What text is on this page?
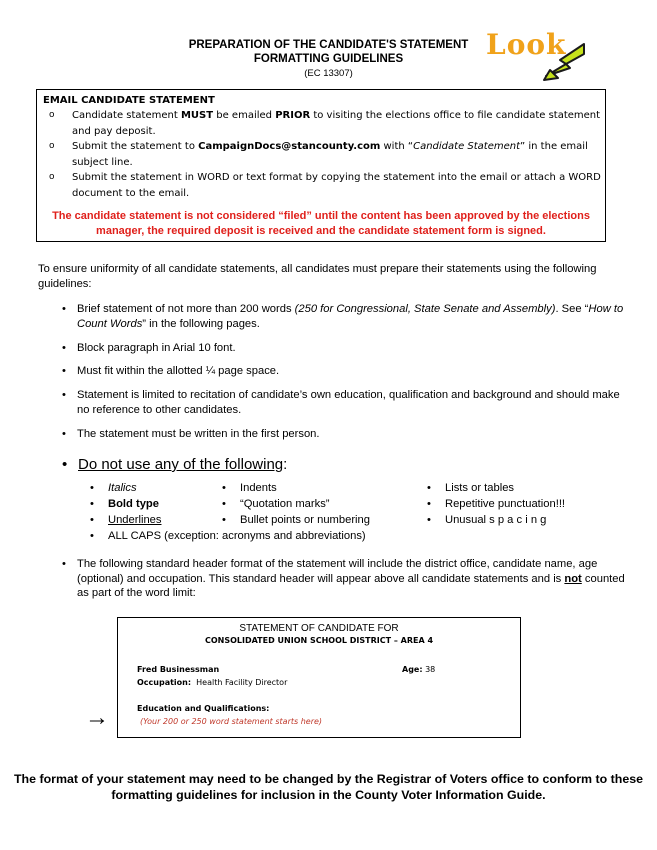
PREPARATION OF THE CANDIDATE'S STATEMENT
FORMATTING GUIDELINES
(EC 13307)
Look
EMAIL CANDIDATE STATEMENT
o Candidate statement MUST be emailed PRIOR to visiting the elections office to file candidate statement and pay deposit.
o Submit the statement to CampaignDocs@stancounty.com with “Candidate Statement” in the email subject line.
o Submit the statement in WORD or text format by copying the statement into the email or attach a WORD document to the email.
The candidate statement is not considered “filed” until the content has been approved by the elections manager, the required deposit is received and the candidate statement form is signed.
To ensure uniformity of all candidate statements, all candidates must prepare their statements using the following guidelines:
• Brief statement of not more than 200 words (250 for Congressional, State Senate and Assembly). See “How to Count Words” in the following pages.
• Block paragraph in Arial 10 font.
• Must fit within the allotted ¼ page space.
• Statement is limited to recitation of candidate’s own education, qualification and background and should make no reference to other candidates.
• The statement must be written in the first person.
• Do not use any of the following:
• Italics
• Bold type
• Underlines
• Indents
• “Quotation marks”
• Bullet points or numbering
• Lists or tables
• Repetitive punctuation!!!
• Unusual s p a c i n g
• ALL CAPS (exception: acronyms and abbreviations)
• The following standard header format of the statement will include the district office, candidate name, age (optional) and occupation. This standard header will appear above all candidate statements and is not counted as part of the word limit:
STATEMENT OF CANDIDATE FOR
CONSOLIDATED UNION SCHOOL DISTRICT – AREA 4
Fred Businessman	Age: 38
Occupation: Health Facility Director
Education and Qualifications:
(Your 200 or 250 word statement starts here)
→
The format of your statement may need to be changed by the Registrar of Voters office to conform to these formatting guidelines for inclusion in the County Voter Information Guide.
